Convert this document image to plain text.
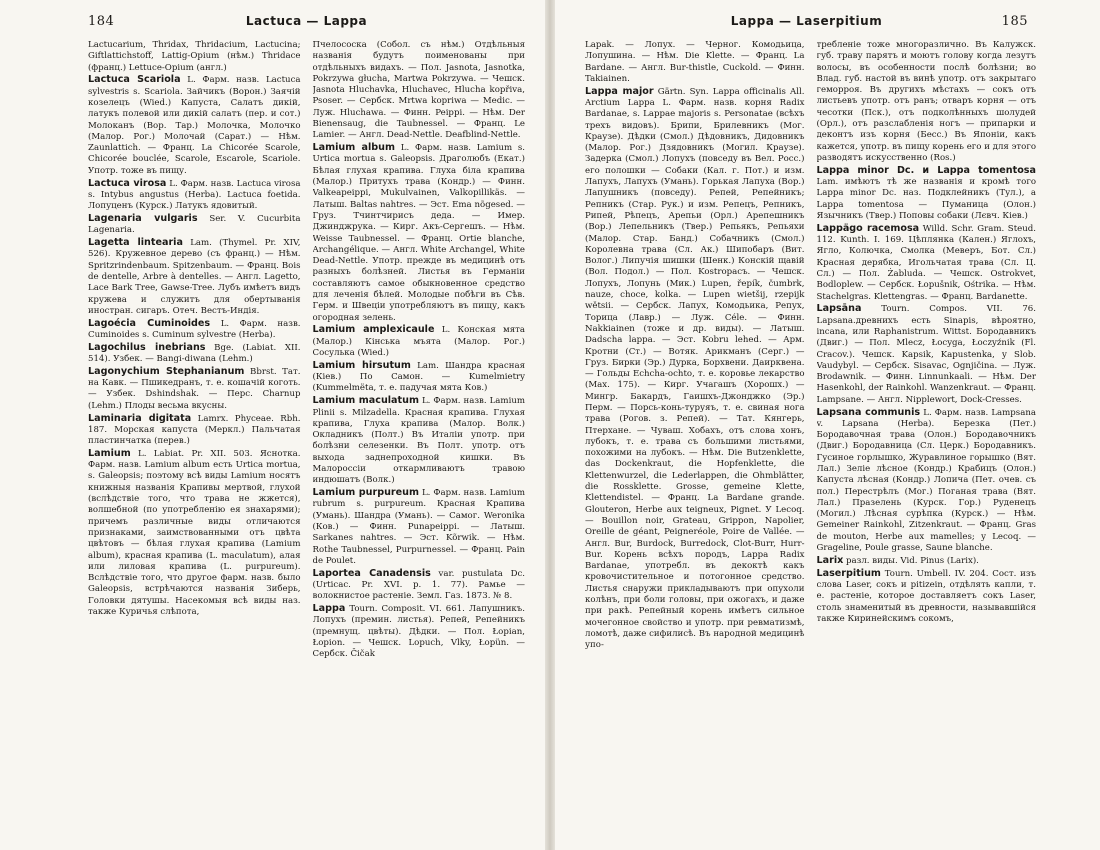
184	Lactuca — Lappa

Lactucarium, Thridax, Thridacium, Lactucina; Giftlattichstoff, Lattig-Opium (нѣм.) Thridace (франц.) Lettuce-Opium (англ.)

Lactuca Scariola L. Фарм. назв. Lactuca sylvestris s. Scariola. Зайчикъ (Ворон.) Заячій козелецъ (Wied.) Капуста, Салатъ дикій, латукъ полевой или дикій салатъ (пер. и сот.) Молоканъ (Вор. Тар.) Молочка, Молочко (Малор. Рог.) Молочай (Сарат.) — Нѣм. Zaunlattich. — Франц. La Chicorée Scarole, Chicorée bouclée, Scarole, Escarole, Scariole. Употр. тоже въ пищу.

Lactuca virosa L. Фарм. назв. Lactuca virosa s. Intybus angustus (Herba). Lactuca foetida. Лопуценъ (Курск.) Латукъ ядовитый.

Lagenaria vulgaris Ser. V. Cucurbita Lagenaria.

Lagetta lintearia Lam. (Thymel. Pr. XIV, 526). Кружевное дерево (съ франц.) — Нѣм. Spritzrindenbaum. Spitzenbaum. — Франц. Bois de dentelle, Arbre à dentelles. — Англ. Lagetto, Lace Bark Tree, Gawse-Tree. Лубъ имѣетъ видъ кружева и служитъ для обертыванія иностран. сигаръ. Отеч. Вестъ-Индія.

Lagoécia Cuminoides L. Фарм. назв. Cuminoides s. Cuminum sylvestre (Herba).

Lagochilus inebrians Bge. (Labiat. XII. 514). Узбек. — Bangi-diwana (Lehm.)

Lagonychium Stephanianum Bbrst. Тат. на Кавк. — Пшикедранъ, т. е. кошачій коготь. — Узбек. Dshindshak. — Перс. Charnup (Lehm.) Плоды весьма вкусны.

Laminaria digitata Lamrx. Phyceae. Rbh. 187. Морская капуста (Меркл.) Пальчатая пластинчатка (перев.)

Lamium L. Labiat. Pr. XII. 503. Яснотка. Фарм. назв. Lamium album есть Urtica mortua, s. Galeopsis; поэтому всѣ виды Lamium носятъ книжныя названія Крапивы мертвой, глухой (вслѣдствіе того, что трава не жжется), волшебной (по употребленію ея знахарями); причемъ различные виды отличаются признаками, заимствованными отъ цвѣта цвѣтовъ — бѣлая глухая крапива (Lamium album), красная крапива (L. maculatum), алая или лиловая крапива (L. purpureum). Вслѣдствіе того, что другое фарм. назв. было Galeopsis, встрѣчаются названія Зиберь, Головки дятушы. Насекомыя всѣ виды наз. также Куричья слѣпота,

Пчелососка (Собол. съ нѣм.) Отдѣльныя названія будутъ поименованы при отдѣльныхъ видахъ. — Пол. Jasnota, Jasnotka, Pokrzywa głucha, Martwa Pokrzywa. — Чешск. Jasnota Hluchavka, Hluchavec, Hlucha kopřiva, Psoser. — Сербск. Mrtwa kopriwa — Medic. — Луж. Hluchawa. — Финн. Peippi. — Нѣм. Der Bienensaug, die Taubnessel. — Франц. Le Lamier. — Англ. Dead-Nettle. Deafblind-Nettle.

Lamium album L. Фарм. назв. Lamium s. Urtica mortua s. Galeopsis. Драголюбъ (Екат.) Бѣлая глухая крапива. Глуха біла крапива (Малор.) Притухъ трава (Кондр.) — Финн. Valkeapeippi, Mukulvainen, Valkopillikäs. — Латыш. Baltas nahtres. — Эст. Ema nõgesed. — Груз. Тчинтчирисъ деда. — Имер. Джинджрука. — Кирг. Акъ-Сергешъ. — Нѣм. Weisse Taubnessel. — Франц. Ortie blanche, Archangélique. — Англ. White Archangel, White Dead-Nettle. Употр. прежде въ медицинѣ отъ разныхъ болѣзней. Листья въ Германіи составляютъ самое обыкновенное средство для леченія бѣлей. Молодые побѣги въ Сѣв. Герм. и Швеціи употребляютъ въ пищу, какъ огородная зелень.

Lamium amplexicaule L. Конская мята (Малор.) Кінська мъята (Малор. Рог.) Сосулька (Wied.)

Lamium hirsutum Lam. Шандра красная (Кіев.) По Самон. — Kumelmietry (Kummelmëta, т. е. падучая мята Ков.)

Lamium maculatum L. Фарм. назв. Lamium Plinii s. Milzadella. Красная крапива. Глухая крапива, Глуха крапива (Малор. Волк.) Окладникъ (Полт.) Въ Италіи употр. при болѣзни селезенки. Въ Полт. употр. отъ выхода заднепроходной кишки. Въ Малороссіи откармливаютъ травою индюшатъ (Волк.)

Lamium purpureum L. Фарм. назв. Lamium rubrum s. purpureum. Красная Крапива (Умань). Шандра (Умань). — Самог. Weronika (Ков.) — Финн. Punapeippi. — Латыш. Sarkanes nahtres. — Эст. Kõrwik. — Нѣм. Rothe Taubnessel, Purpurnessel. — Франц. Pain de Poulet.

Laportea Canadensis var. pustulata Dc. (Urticac. Pr. XVI. p. 1. 77). Рамье — волокнистое растеніе. Земл. Газ. 1873. № 8.

Lappa Tourn. Composit. VI. 661. Лапушникъ. Лопухъ (премин. листья). Репей, Репейникъ (премнущ. цвѣты). Дѣдки. — Пол. Łopian, Łopion. — Чешск. Lopuch, Vlky, Łopün. — Сербск. Čičak

Lappa — Laserpitium	185

Lapak. — Лопух. — Черног. Комодьица, Лопушина. — Нѣм. Die Klette. — Франц. La Bardane. — Англ. Bur-thistle, Cuckold. — Финн. Takiainen.

Lappa major Gärtn. Syn. Lappa officinalis All. Arctium Lappa L. Фарм. назв. корня Radix Bardanae, s. Lappae majoris s. Personatae (всѣхъ трехъ видовъ). Брипи, Брилевникъ (Мог. Краузе). Дѣдки (Смол.) Дѣдовникъ, Дидовникъ (Малор. Рог.) Дзядовникъ (Могил. Краузе). Задерка (Смол.) Лопухъ (повседу въ Вел. Росс.) его полошки — Собаки (Кал. г. Пот.) и изм. Лапухъ, Лапухъ (Умань). Горькая Лапуха (Вор.) Лапушникъ (повседу). Репей, Репейникъ; Репникъ (Стар. Рук.) и изм. Репецъ, Репникъ, Рипей, Рѣпецъ, Арепьи (Орл.) Арепешникъ (Вор.) Лепельникъ (Твер.) Репьякъ, Репьяхи (Малор. Стар. Банд.) Собачникъ (Смол.) Королевна трава (Сл. Ак.) Шипобаръ (Вит. Волог.) Липучія шишки (Шенк.) Конскій щавій (Вол. Подол.) — Пол. Kostropacъ. — Чешск. Лопухъ, Лопунь (Мик.) Lupen, řepík, čumbrk, nauze, choce, kolka. — Lupen wietšij, rzepijk wětsii. — Сербск. Лапух, Комодьика, Репух, Торица (Лавр.) — Луж. Céle. — Финн. Nakkiainen (тоже и др. виды). — Латыш. Dadscha lappa. — Эст. Kobru lehed. — Арм. Кротни (Ст.) — Вотяк. Арикманъ (Серг.) — Груз. Бирки (Эр.) Дурка, Борхвени. Даирквена. — Гольды Echcha-ochto, т. е. коровье лекарство (Мах. 175). — Кирг. Учагашъ (Хорошх.) — Мингр. Бакардъ, Гаишхъ-Джонджко (Эр.) Перм. — Порсь-конь-туруяъ, т. е. свиная нога трава (Рогов. з. Репей). — Тат. Кянгерь, Птерхане. — Чуваш. Хобахъ, отъ слова хонъ, лубокъ, т. е. трава съ большими листьями, похожими на лубокъ. — Нѣм. Die Butzenklette, das Dockenkraut, die Hopfenklette, die Klettenwurzel, die Lederlappen, die Ohmblätter, die Rossklette. Grosse, gemeine Klette, Klettendistel. — Франц. La Bardane grande. Glouteron, Herbe aux teigneux, Pignet. У Lecoq. — Bouillon noir, Grateau, Grippon, Napolier, Oreille de géant, Peigneréole, Poire de Vallée. — Англ. Bur, Burdock, Burredock, Clot-Burr, Hurr-Bur. Корень всѣхъ породъ, Lappa Radix Bardanae, употребл. въ декоктѣ какъ кровочистительное и потогонное средство. Листья снаружи прикладываютъ при опухоли колѣнъ, при боли головы, при ожогахъ, и даже при ракѣ. Репейный корень имѣетъ сильное мочегонное свойство и употр. при ревматизмѣ, ломотѣ, даже сифилисѣ. Въ народной медицинѣ упо-

требленіе тоже многоразлично. Въ Калужск. губ. траву парятъ и моютъ голову когда лезутъ волосы, въ особенности послѣ болѣзни; во Влад. губ. настой въ винѣ употр. отъ закрытаго геморроя. Въ другихъ мѣстахъ — сокъ отъ листьевъ употр. отъ ранъ; отваръ корня — отъ чесотки (Пск.), отъ подколѣнныхъ шолудей (Орл.), отъ разслабленія ногъ — припарки и деконтъ изъ корня (Бесс.) Въ Японіи, какъ кажется, употр. въ пищу корень его и для этого разводятъ искусственно (Ros.)

Lappa minor Dc. и Lappa tomentosa Lam. имѣютъ тѣ же названія и кромѣ того Lappa minor Dc. наз. Подклейникъ (Тул.), а Lappa tomentosa — Пуманица (Олон.) Язычникъ (Твер.) Поповы собаки (Лєвч. Кіев.)

Lappägo racemosa Willd. Schr. Gram. Steud. 112. Kunth. I. 169. Цѣплянка (Кален.) Яглохъ, Ягло, Колючка, Смолка (Меверъ, Бот. Сл.) Красная дерябка, Игольчатая трава (Сл. Ц. Сл.) — Пол. Żabluda. — Чешск. Ostrokvet, Bodloplew. — Сербск. Łopušnik, Ośtrika. — Нѣм. Stachelgras. Klettengras. — Франц. Bardanette.

Lapsāna Tourn. Compos. VII. 76. Lapsana.древнихъ есть Sinapis, вѣроятно, incana, или Raphanistrum. Wittst. Бородавникъ (Двиг.) — Пол. Mlecz, Łocyga, Łoczyźnik (Fl. Cracov.). Чешск. Kapsik, Kapustenka, у Slob. Vaudybyl. — Сербск. Sisavac, Ognjičina. — Луж. Brodawnik. — Финн. Linnunkaali. — Нѣм. Der Hasenkohl, der Rainkohl. Wanzenkraut. — Франц. Lampsane. — Англ. Nipplewort, Dock-Cresses.

Lapsana communis L. Фарм. назв. Lampsana v. Lapsana (Herba). Березка (Пет.) Бородавочная трава (Олон.) Бородавочникъ (Двиг.) Бородавница (Сл. Церк.) Бородавникъ. Гусиное горлышко, Журавлиное горышко (Вят. Лал.) Зеліе лѣсное (Кондр.) Крабицъ (Олон.) Капуста лѣсная (Кондр.) Лопича (Пет. очев. съ пол.) Перестрѣлъ (Мог.) Поганая трава (Вят. Лал.) Празелень (Курск. Гор.) Руденецъ (Могил.) Лѣсная сурѣпка (Курск.) — Нѣм. Gemeiner Rainkohl, Zitzenkraut. — Франц. Gras de mouton, Herbe aux mamelles; у Lecoq. — Grageline, Poule grasse, Saune blanche.

Larix разл. виды. Vid. Pinus (Larix).

Laserpitium Tourn. Umbell. IV. 204. Сост. изъ слова Laser, сокъ и pitizein, отдѣлять капли, т. е. растеніе, которое доставляетъ сокъ Laser, столь знаменитый въ древности, называвшійся также Киринейскимъ сокомъ,
